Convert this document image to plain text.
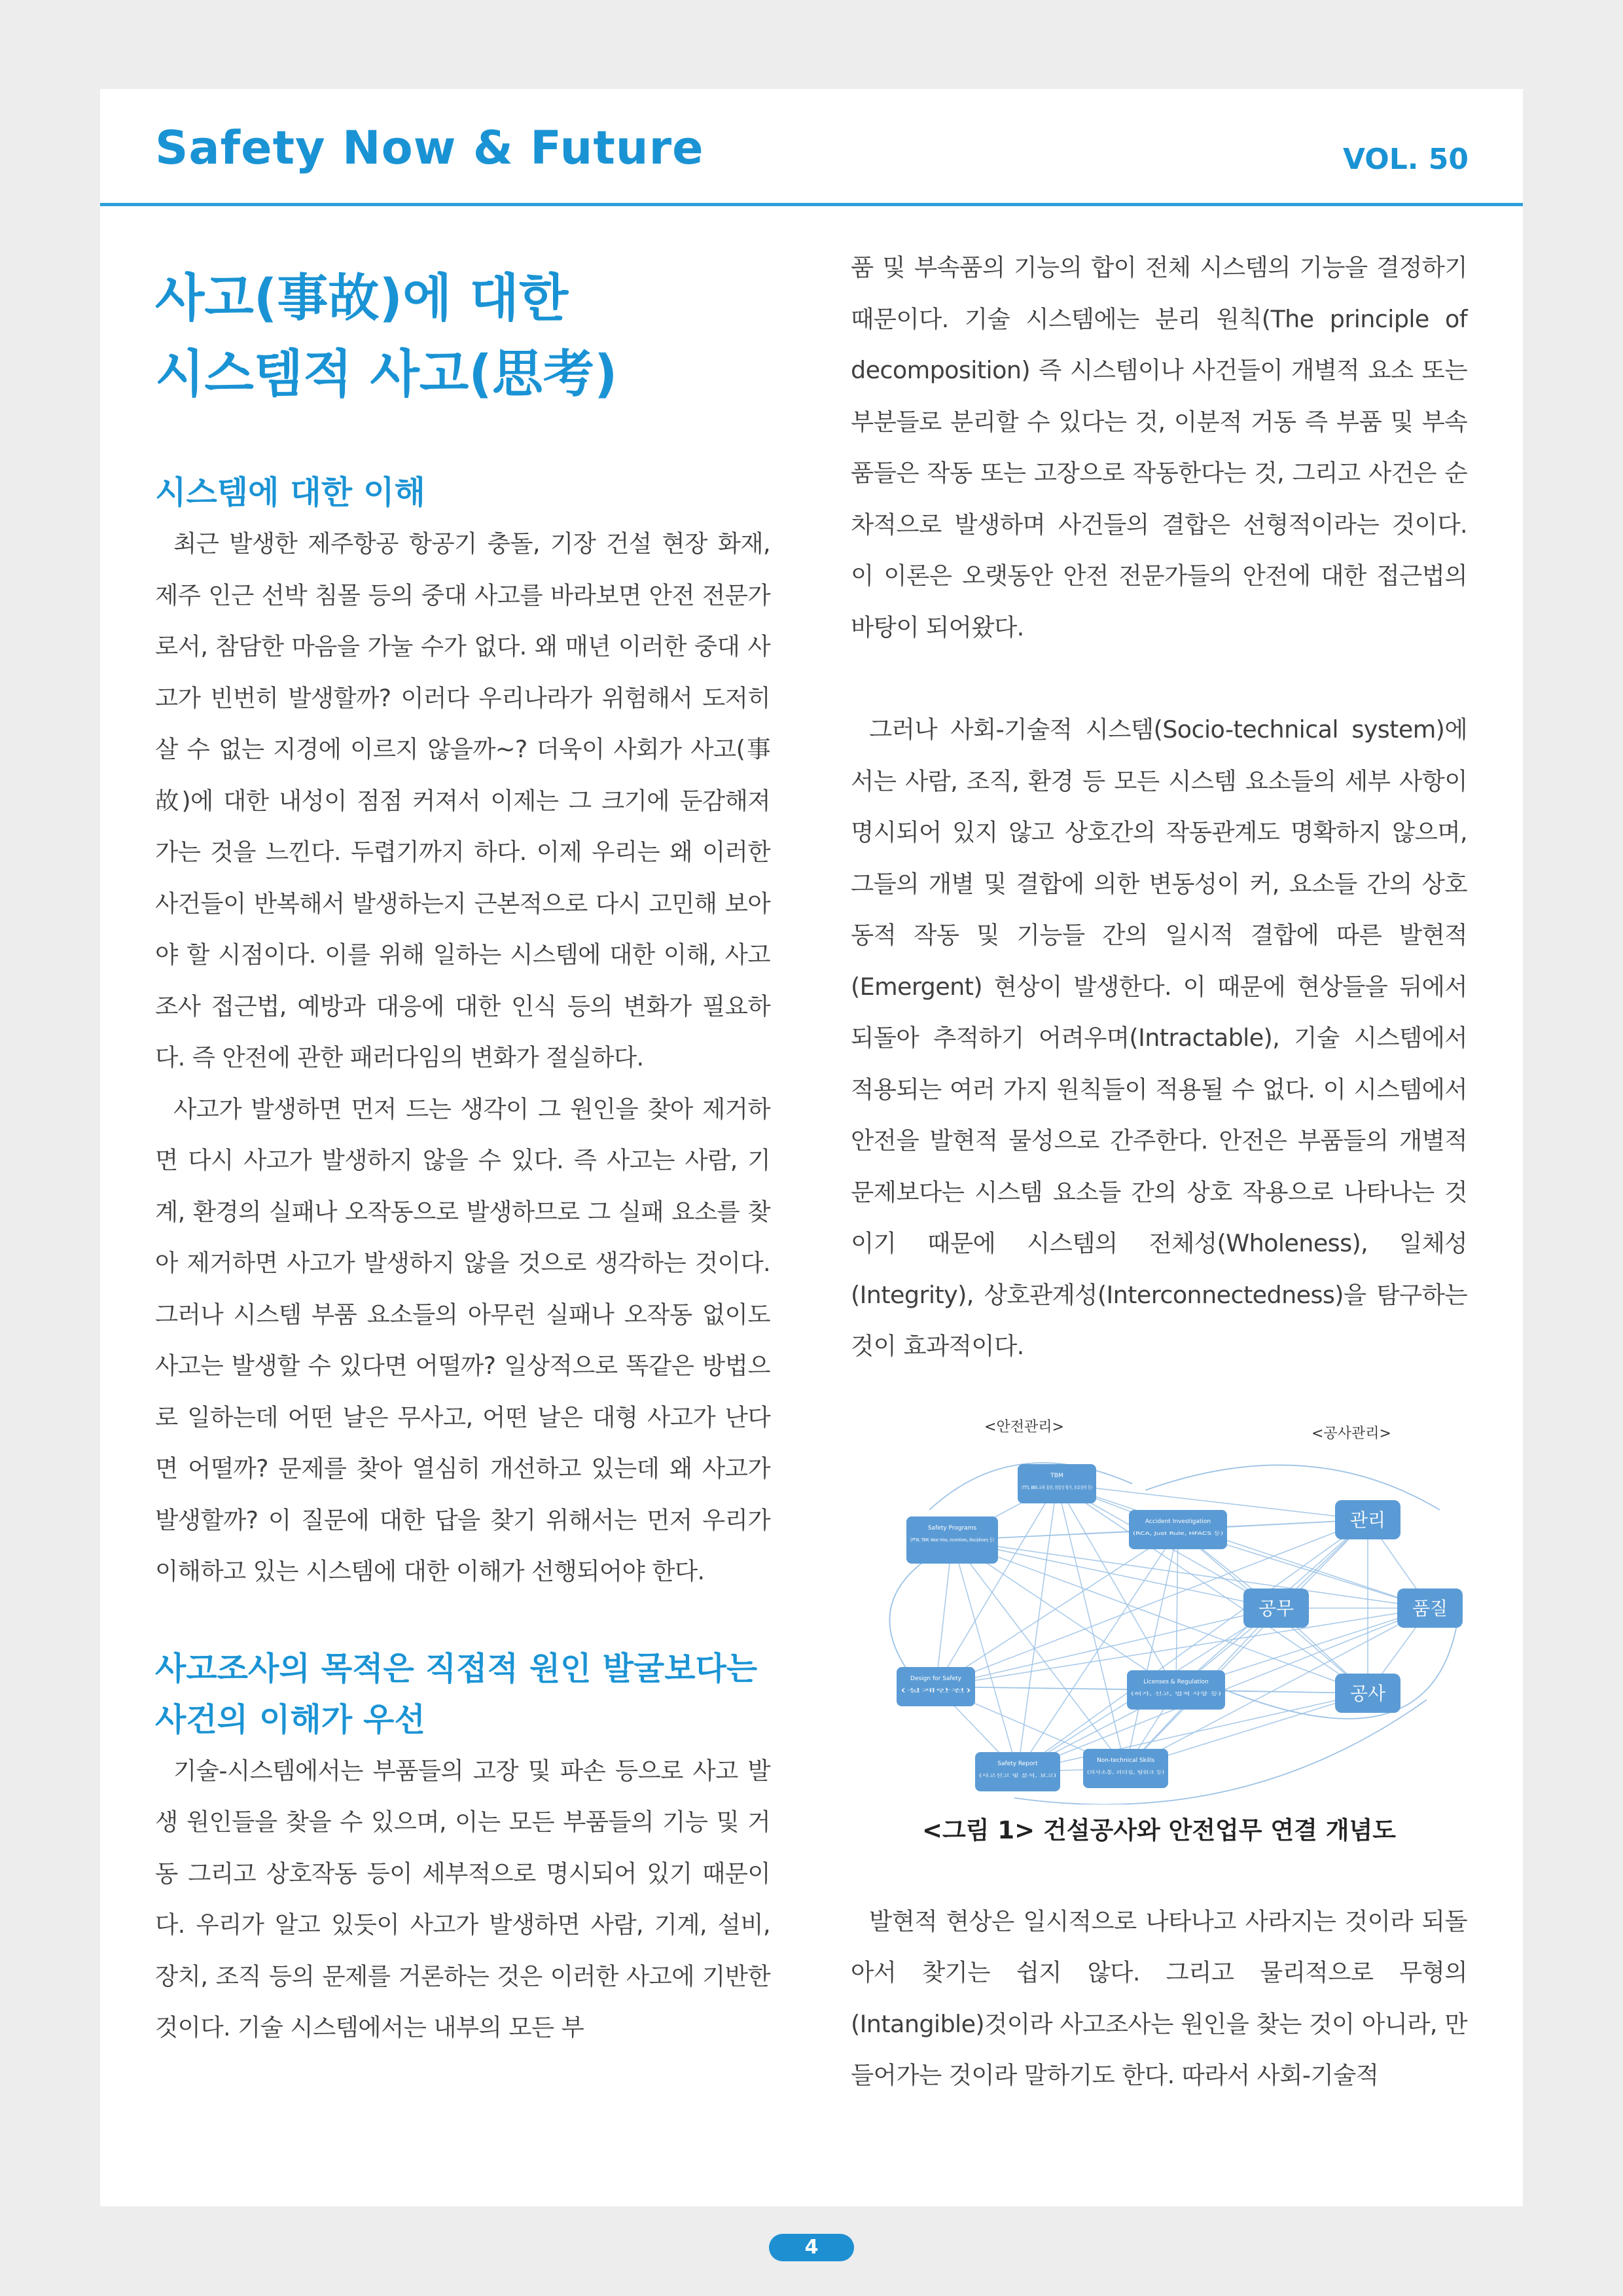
Safety Now & Future	VOL. 50
사고(事故)에 대한
시스템적 사고(思考)
시스템에 대한 이해

최근 발생한 제주항공 항공기 충돌, 기장 건설 현장 화재, 제주 인근 선박 침몰 등의 중대 사고를 바라보면 안전 전문가로서, 참담한 마음을 가눌 수가 없다. 왜 매년 이러한 중대 사고가 빈번히 발생할까? 이러다 우리나라가 위험해서 도저히 살 수 없는 지경에 이르지 않을까~? 더욱이 사회가 사고(事故)에 대한 내성이 점점 커져서 이제는 그 크기에 둔감해져 가는 것을 느낀다. 두렵기까지 하다. 이제 우리는 왜 이러한 사건들이 반복해서 발생하는지 근본적으로 다시 고민해 보아야 할 시점이다. 이를 위해 일하는 시스템에 대한 이해, 사고조사 접근법, 예방과 대응에 대한 인식 등의 변화가 필요하다. 즉 안전에 관한 패러다임의 변화가 절실하다.

사고가 발생하면 먼저 드는 생각이 그 원인을 찾아 제거하면 다시 사고가 발생하지 않을 수 있다. 즉 사고는 사람, 기계, 환경의 실패나 오작동으로 발생하므로 그 실패 요소를 찾아 제거하면 사고가 발생하지 않을 것으로 생각하는 것이다. 그러나 시스템 부품 요소들의 아무런 실패나 오작동 없이도 사고는 발생할 수 있다면 어떨까? 일상적으로 똑같은 방법으로 일하는데 어떤 날은 무사고, 어떤 날은 대형 사고가 난다면 어떨까? 문제를 찾아 열심히 개선하고 있는데 왜 사고가 발생할까? 이 질문에 대한 답을 찾기 위해서는 먼저 우리가 이해하고 있는 시스템에 대한 이해가 선행되어야 한다.

사고조사의 목적은 직접적 원인 발굴보다는
사건의 이해가 우선

기술-시스템에서는 부품들의 고장 및 파손 등으로 사고 발생 원인들을 찾을 수 있으며, 이는 모든 부품들의 기능 및 거동 그리고 상호작동 등이 세부적으로 명시되어 있기 때문이다. 우리가 알고 있듯이 사고가 발생하면 사람, 기계, 설비, 장치, 조직 등의 문제를 거론하는 것은 이러한 사고에 기반한 것이다. 기술 시스템에서는 내부의 모든 부

품 및 부속품의 기능의 합이 전체 시스템의 기능을 결정하기 때문이다. 기술 시스템에는 분리 원칙(The principle of decomposition) 즉 시스템이나 사건들이 개별적 요소 또는 부분들로 분리할 수 있다는 것, 이분적 거동 즉 부품 및 부속품들은 작동 또는 고장으로 작동한다는 것, 그리고 사건은 순차적으로 발생하며 사건들의 결합은 선형적이라는 것이다. 이 이론은 오랫동안 안전 전문가들의 안전에 대한 접근법의 바탕이 되어왔다.

그러나 사회-기술적 시스템(Socio-technical system)에서는 사람, 조직, 환경 등 모든 시스템 요소들의 세부 사항이 명시되어 있지 않고 상호간의 작동관계도 명확하지 않으며, 그들의 개별 및 결합에 의한 변동성이 커, 요소들 간의 상호 동적 작동 및 기능들 간의 일시적 결합에 따른 발현적(Emergent) 현상이 발생한다. 이 때문에 현상들을 뒤에서 되돌아 추적하기 어려우며(Intractable), 기술 시스템에서 적용되는 여러 가지 원칙들이 적용될 수 없다. 이 시스템에서 안전을 발현적 물성으로 간주한다. 안전은 부품들의 개별적 문제보다는 시스템 요소들 간의 상호 작용으로 나타나는 것이기 때문에 시스템의 전체성(Wholeness), 일체성(Integrity), 상호관계성(Interconnectedness)을 탐구하는 것이 효과적이다.

<안전관리>	<공사관리>
TBM
(TTS, BBS 교육 훈련, 위험성 평가, 보호장비 등)
Safety Programs
(PTW, TBM, Near miss, Incentives, disciplinary 등)
Accident Investigation
(RCA, Just Rule, HFACS 등)
Design for Safety
(설계안전)
Licenses & Regulation
(허가, 신고, 법적 사항 등)
Safety Report
(사고신고 및 분석, 보고)
Non-technical Skills
(의사소통, 리더십, 팀워크 등)
관리
공무	품질
공사

<그림 1> 건설공사와 안전업무 연결 개념도

발현적 현상은 일시적으로 나타나고 사라지는 것이라 되돌아서 찾기는 쉽지 않다. 그리고 물리적으로 무형의(Intangible)것이라 사고조사는 원인을 찾는 것이 아니라, 만들어가는 것이라 말하기도 한다. 따라서 사회-기술적

4
